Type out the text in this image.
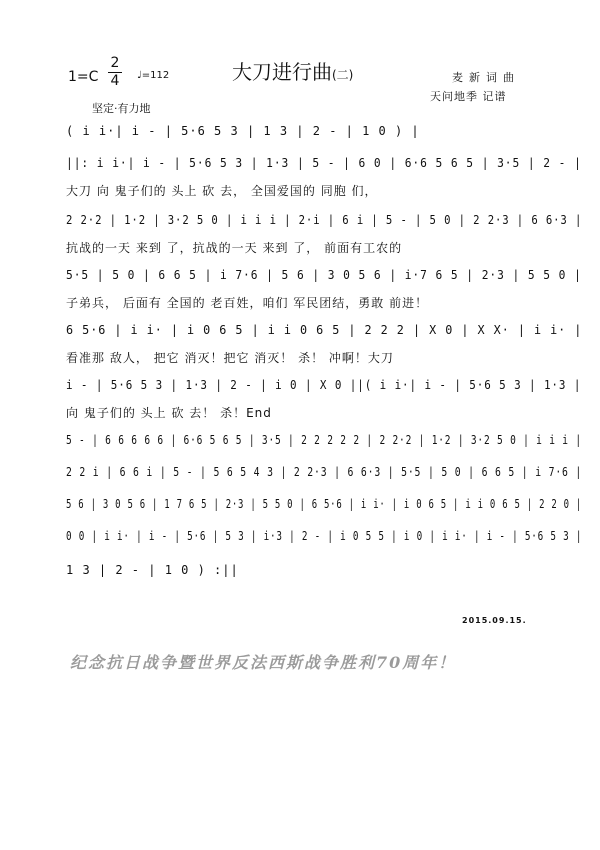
大刀进行曲(二)
1=C
2
4 ♩=112
坚定·有力地
麦新词曲
天问地季 记谱
( i i·| i - | 5·6 5 3 | 1 3 | 2 - | 1 0 ) |
||: i i·| i - | 5·6 5 3 | 1·3 | 5 - | 6 0 | 6·6 5 6 5 | 3·5 | 2 - |
大刀 向 鬼子们的 头上 砍 去， 全国爱国的 同胞 们，
2 2·2 | 1·2 | 3·2 5 0 | i i i | 2·i | 6 i | 5 - | 5 0 | 2 2·3 | 6 6·3 |
抗战的一天 来到 了，抗战的一天 来到 了， 前面有工农的
5·5 | 5 0 | 6 6 5 | i 7·6 | 5 6 | 3 0 5 6 | i·7 6 5 | 2·3 | 5 5 0 |
子弟兵， 后面有 全国的 老百姓，咱们 军民团结，勇敢 前进！
6 5·6 | i i· | i 0 6 5 | i i 0 6 5 | 2 2 2 | X 0 | X X· | i i· |
看准那 敌人， 把它 消灭！把它 消灭！ 杀！ 冲啊！大刀
i - | 5·6 5 3 | 1·3 | 2 - | i 0 | X 0 ||( i i·| i - | 5·6 5 3 | 1·3 |
向 鬼子们的 头上 砍 去！ 杀！End
5 - | 6 6 6 6 6 | 6·6 5 6 5 | 3·5 | 2 2 2 2 2 | 2 2·2 | 1·2 | 3·2 5 0 | i i i |
2 2 i | 6 6 i | 5 - | 5 6 5 4 3 | 2 2·3 | 6 6·3 | 5·5 | 5 0 | 6 6 5 | i 7·6 |
5 6 | 3 0 5 6 | 1 7 6 5 | 2·3 | 5 5 0 | 6 5·6 | i i· | i 0 6 5 | i i 0 6 5 | 2 2 0 |
0 0 | i i· | i - | 5·6 | 5 3 | i·3 | 2 - | i 0 5 5 | i 0 | i i· | i - | 5·6 5 3 |
1 3 | 2 - | 1 0 ) :||
2015.09.15.
纪念抗日战争暨世界反法西斯战争胜利70周年！
